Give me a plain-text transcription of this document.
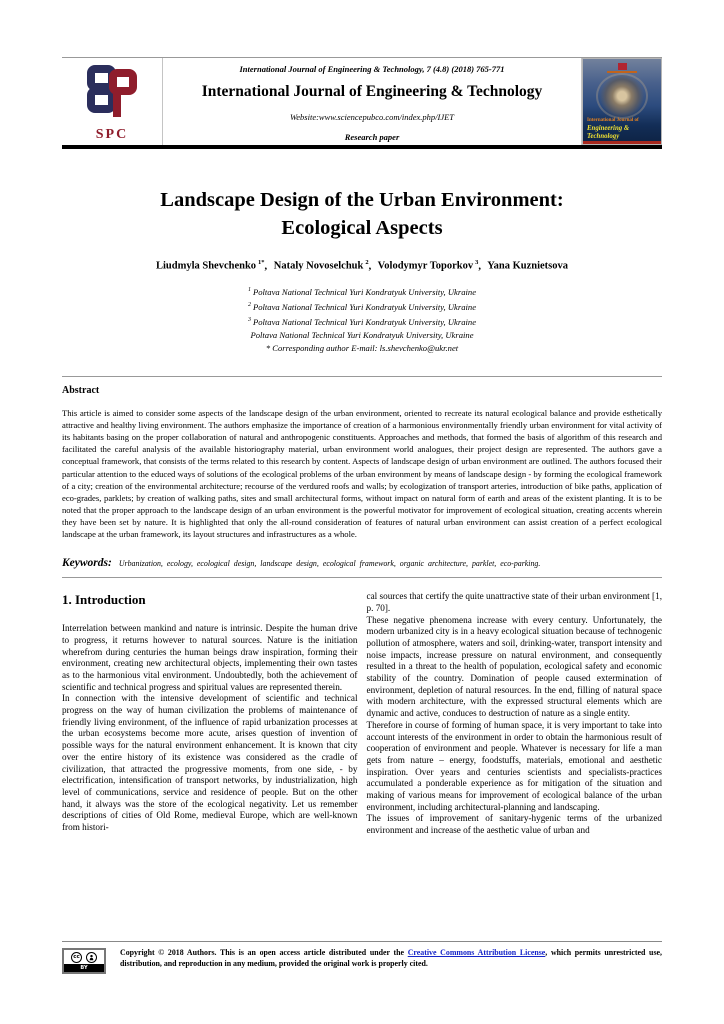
SPC
International Journal of Engineering & Technology, 7 (4.8) (2018) 765-771
International Journal of Engineering & Technology
Website:www.sciencepubco.com/index.php/IJET
Research paper
International Journal of
Engineering & Technology
Landscape Design of the Urban Environment:
Ecological Aspects
Liudmyla Shevchenko $^{1*}$, Nataly Novoselchuk $^2$, Volodymyr Toporkov $^3$, Yana Kuznietsova
$^1$ Poltava National Technical Yuri Kondratyuk University, Ukraine
$^2$ Poltava National Technical Yuri Kondratyuk University, Ukraine
$^3$ Poltava National Technical Yuri Kondratyuk University, Ukraine
Poltava National Technical Yuri Kondratyuk University, Ukraine
* Corresponding author E-mail: ls.shevchenko@ukr.net
Abstract

This article is aimed to consider some aspects of the landscape design of the urban environment, oriented to recreate its natural ecological balance and provide esthetically attractive and healthy living environment. The authors emphasize the importance of creation of a harmonious environmentally friendly urban environment for vital activity of its habitants basing on the proper collaboration of natural and anthropogenic constituents. Approaches and methods, that formed the basis of algorithm of this research and facilitated the careful analysis of the available historiography material, urban environment world analogues, their project design are represented. The authors gave a conceptual framework, that consists of the terms related to this research by content. Aspects of landscape design of urban environment are outlined. The authors focused their particular attention to the educed ways of solutions of the ecological problems of the urban environment by means of landscape design - by forming the ecological framework of a city; creation of the environmental architecture; recourse of the verdured roofs and walls; by ecologization of transport arteries, introduction of bike paths, application of eco-grades, parklets; by creation of walking paths, sites and small architectural forms, without impact on natural form of earth and areas of the existent planting. It is to be noted that the proper approach to the landscape design of an urban environment is the powerful motivator for improvement of ecological situation, creating accents wherein they have been set by nature. It is highlighted that only the all-round consideration of features of natural urban environment can assist creation of a perfect ecological landscape at the urban framework, its layout structures and infrastructures as a whole.

Keywords: Urbanization, ecology, ecological design, landscape design, ecological framework, organic architecture, parklet, eco-parking.
1. Introduction

Interrelation between mankind and nature is intrinsic. Despite the human drive to progress, it returns however to natural sources. Nature is the initiation wherefrom during centuries the human beings draw inspiration, forming their environment, creating new architectural objects, implementing their own tastes as to the harmonious vital environment. Undoubtedly, both the achievement of scientific and technical progress and spiritual values are represented therein.

In connection with the intensive development of scientific and technical progress on the way of human civilization the problems of maintenance of friendly living environment, of the influence of rapid urbanization processes at the urban ecosystems become more acute, arises question of invention of possible ways for the natural environment enhancement. It is known that city over the entire history of its existence was considered as the cradle of civilization, that attracted the progressive moments, from one side, - by electrification, intensification of transport networks, by industrialization, high level of communications, service and residence of people. But on the other hand, it always was the store of the ecological negativity. Let us remember descriptions of cities of Old Rome, medieval Europe, which are well-known from histori-

cal sources that certify the quite unattractive state of their urban environment [1, p. 70].

These negative phenomena increase with every century. Unfortunately, the modern urbanized city is in a heavy ecological situation because of technogenic pollution of atmosphere, waters and soil, drinking-water, transport intensity and noise impacts, increase pressure on natural environment, and consequently resulted in a threat to the health of population, ecological safety and economic stability of the country. Domination of people caused extermination of environment, depletion of natural resources. In the end, filling of natural space with modern architecture, with the expressed structural elements which are dynamic and active, conduces to destruction of nature as a single entity.

Therefore in course of forming of human space, it is very important to take into account interests of the environment in order to obtain the harmonious result of cooperation of environment and people. Whatever is necessary for life a man gets from nature – energy, foodstuffs, materials, emotional and aesthetic inspiration. Over years and centuries scientists and specialists-practices accumulated a ponderable experience as for mitigation of the situation and making of various means for improvement of ecological balance of the urban environment, including architectural-planning and landscaping.

The issues of improvement of sanitary-hygenic terms of the urbanized environment and increase of the aesthetic value of urban and

cc
BY
Copyright © 2018 Authors. This is an open access article distributed under the Creative Commons Attribution License, which permits unrestricted use, distribution, and reproduction in any medium, provided the original work is properly cited.
